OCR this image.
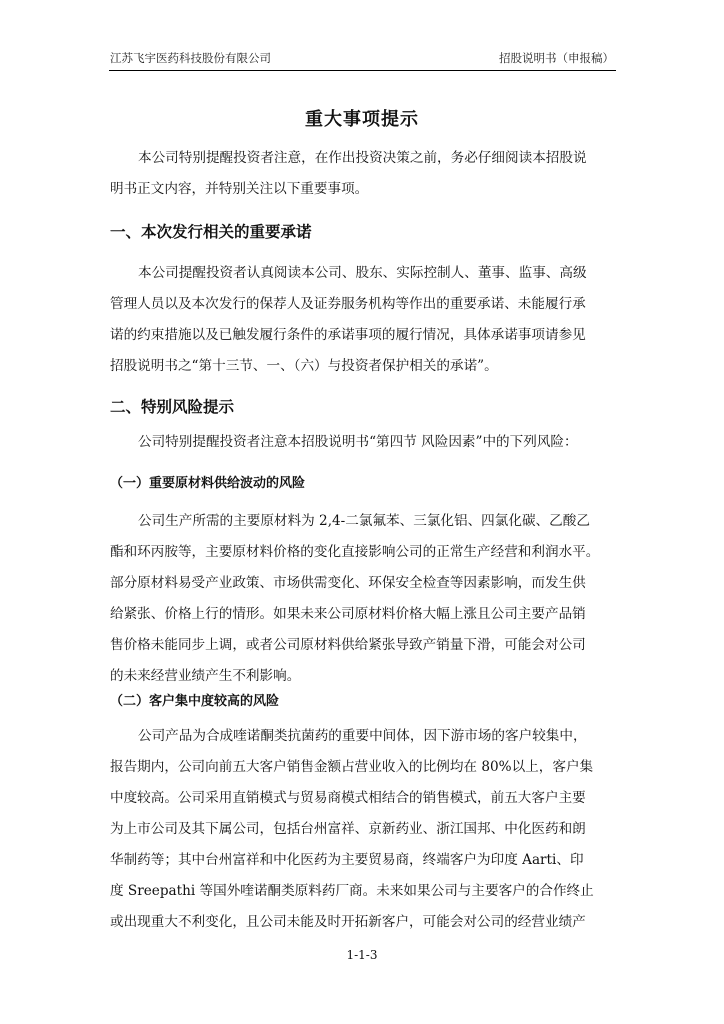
江苏飞宇医药科技股份有限公司	招股说明书（申报稿）
重大事项提示
本公司特别提醒投资者注意，在作出投资决策之前，务必仔细阅读本招股说
明书正文内容，并特别关注以下重要事项。
一、本次发行相关的重要承诺
本公司提醒投资者认真阅读本公司、股东、实际控制人、董事、监事、高级
管理人员以及本次发行的保荐人及证券服务机构等作出的重要承诺、未能履行承
诺的约束措施以及已触发履行条件的承诺事项的履行情况，具体承诺事项请参见
招股说明书之“第十三节、一、（六）与投资者保护相关的承诺”。
二、特别风险提示
公司特别提醒投资者注意本招股说明书“第四节 风险因素”中的下列风险：
（一）重要原材料供给波动的风险
公司生产所需的主要原材料为 2,4-二氯氟苯、三氯化铝、四氯化碳、乙酸乙
酯和环丙胺等，主要原材料价格的变化直接影响公司的正常生产经营和利润水平。
部分原材料易受产业政策、市场供需变化、环保安全检查等因素影响，而发生供
给紧张、价格上行的情形。如果未来公司原材料价格大幅上涨且公司主要产品销
售价格未能同步上调，或者公司原材料供给紧张导致产销量下滑，可能会对公司
的未来经营业绩产生不利影响。
（二）客户集中度较高的风险
公司产品为合成喹诺酮类抗菌药的重要中间体，因下游市场的客户较集中，
报告期内，公司向前五大客户销售金额占营业收入的比例均在 80%以上，客户集
中度较高。公司采用直销模式与贸易商模式相结合的销售模式，前五大客户主要
为上市公司及其下属公司，包括台州富祥、京新药业、浙江国邦、中化医药和朗
华制药等；其中台州富祥和中化医药为主要贸易商，终端客户为印度 Aarti、印
度 Sreepathi 等国外喹诺酮类原料药厂商。未来如果公司与主要客户的合作终止
或出现重大不利变化，且公司未能及时开拓新客户，可能会对公司的经营业绩产
1-1-3
